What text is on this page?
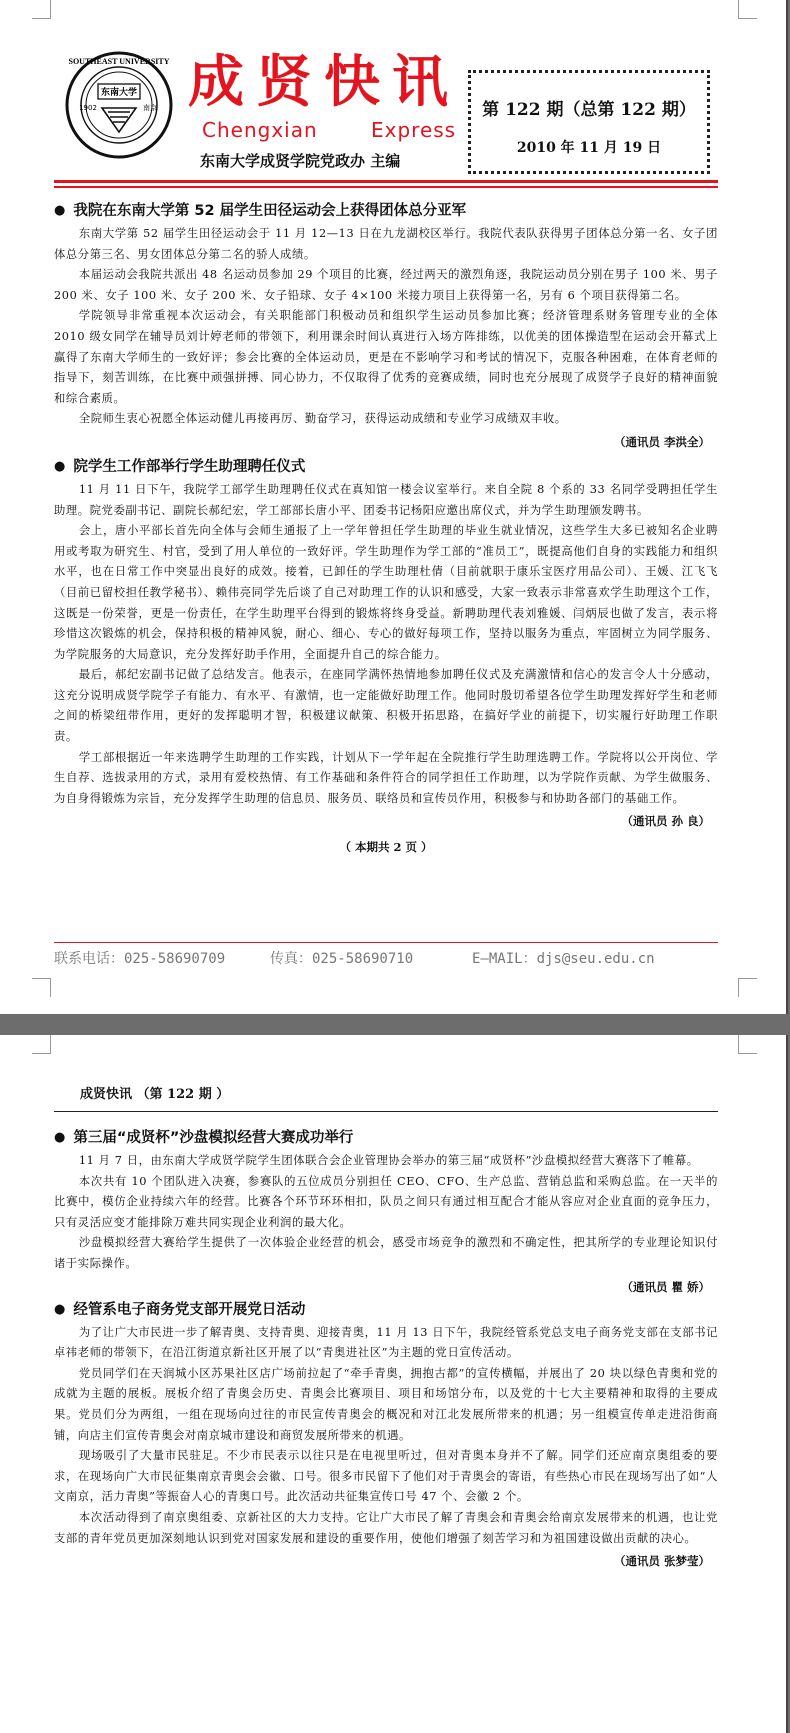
SOUTHEAST UNIVERSITY
东南大学
1902	南京 成贤快讯
Chengxian Express
东南大学成贤学院党政办 主编
第 122 期（总第 122 期）
2010 年 11 月 19 日
● 我院在东南大学第 52 届学生田径运动会上获得团体总分亚军

东南大学第 52 届学生田径运动会于 11 月 12—13 日在九龙湖校区举行。我院代表队获得男子团体总分第一名、女子团体总分第三名、男女团体总分第二名的骄人成绩。

本届运动会我院共派出 48 名运动员参加 29 个项目的比赛，经过两天的激烈角逐，我院运动员分别在男子 100 米、男子 200 米、女子 100 米、女子 200 米、女子铅球、女子 4×100 米接力项目上获得第一名，另有 6 个项目获得第二名。

学院领导非常重视本次运动会，有关职能部门积极动员和组织学生运动员参加比赛；经济管理系财务管理专业的全体 2010 级女同学在辅导员刘计婷老师的带领下，利用课余时间认真进行入场方阵排练，以优美的团体操造型在运动会开幕式上赢得了东南大学师生的一致好评；参会比赛的全体运动员，更是在不影响学习和考试的情况下，克服各种困难，在体育老师的指导下，刻苦训练，在比赛中顽强拼搏、同心协力，不仅取得了优秀的竞赛成绩，同时也充分展现了成贤学子良好的精神面貌和综合素质。

全院师生衷心祝愿全体运动健儿再接再厉、勤奋学习，获得运动成绩和专业学习成绩双丰收。

（通讯员 李洪全）
● 院学生工作部举行学生助理聘任仪式

11 月 11 日下午，我院学工部学生助理聘任仪式在真知馆一楼会议室举行。来自全院 8 个系的 33 名同学受聘担任学生助理。院党委副书记、副院长郝纪宏，学工部部长唐小平、团委书记杨阳应邀出席仪式，并为学生助理颁发聘书。

会上，唐小平部长首先向全体与会师生通报了上一学年曾担任学生助理的毕业生就业情况，这些学生大多已被知名企业聘用或考取为研究生、村官，受到了用人单位的一致好评。学生助理作为学工部的“准员工”，既提高他们自身的实践能力和组织水平，也在日常工作中突显出良好的成效。接着，已卸任的学生助理杜倩（目前就职于康乐宝医疗用品公司）、王媛、江飞飞（目前已留校担任教学秘书）、赖伟亮同学先后谈了自己对助理工作的认识和感受，大家一致表示非常喜欢学生助理这个工作，这既是一份荣誉，更是一份责任，在学生助理平台得到的锻炼将终身受益。新聘助理代表刘雅媛、闫炳辰也做了发言，表示将珍惜这次锻炼的机会，保持积极的精神风貌，耐心、细心、专心的做好每项工作，坚持以服务为重点，牢固树立为同学服务、为学院服务的大局意识，充分发挥好助手作用，全面提升自己的综合能力。

最后，郝纪宏副书记做了总结发言。他表示，在座同学满怀热情地参加聘任仪式及充满激情和信心的发言令人十分感动，这充分说明成贤学院学子有能力、有水平、有激情，也一定能做好助理工作。他同时殷切希望各位学生助理发挥好学生和老师之间的桥梁纽带作用，更好的发挥聪明才智，积极建议献策、积极开拓思路，在搞好学业的前提下，切实履行好助理工作职责。

学工部根据近一年来选聘学生助理的工作实践，计划从下一学年起在全院推行学生助理选聘工作。学院将以公开岗位、学生自荐、选拔录用的方式，录用有爱校热情、有工作基础和条件符合的同学担任工作助理，以为学院作贡献、为学生做服务、为自身得锻炼为宗旨，充分发挥学生助理的信息员、服务员、联络员和宣传员作用，积极参与和协助各部门的基础工作。

（通讯员 孙 良）
（ 本期共 2 页 ）
联系电话：025-58690709	传真：025-58690710	E—MAIL：djs@seu.edu.cn
成贤快讯 （第 122 期 ）
● 第三届“成贤杯”沙盘模拟经营大赛成功举行

11 月 7 日，由东南大学成贤学院学生团体联合会企业管理协会举办的第三届“成贤杯”沙盘模拟经营大赛落下了帷幕。

本次共有 10 个团队进入决赛，参赛队的五位成员分别担任 CEO、CFO、生产总监、营销总监和采购总监。在一天半的比赛中，模仿企业持续六年的经营。比赛各个环节环环相扣，队员之间只有通过相互配合才能从容应对企业直面的竞争压力，只有灵活应变才能排除万难共同实现企业利润的最大化。

沙盘模拟经营大赛给学生提供了一次体验企业经营的机会，感受市场竞争的激烈和不确定性，把其所学的专业理论知识付诸于实际操作。

（通讯员 瞿 娇）
● 经管系电子商务党支部开展党日活动

为了让广大市民进一步了解青奥、支持青奥、迎接青奥，11 月 13 日下午，我院经管系党总支电子商务党支部在支部书记卓祎老师的带领下，在沿江街道京新社区开展了以“青奥进社区”为主题的党日宣传活动。

党员同学们在天润城小区苏果社区店广场前拉起了“牵手青奥，拥抱古都”的宣传横幅，并展出了 20 块以绿色青奥和党的成就为主题的展板。展板介绍了青奥会历史、青奥会比赛项目、项目和场馆分布，以及党的十七大主要精神和取得的主要成果。党员们分为两组，一组在现场向过往的市民宣传青奥会的概况和对江北发展所带来的机遇；另一组模宣传单走进沿街商铺，向店主们宣传青奥会对南京城市建设和商贸发展所带来的机遇。

现场吸引了大量市民驻足。不少市民表示以往只是在电视里听过，但对青奥本身并不了解。同学们还应南京奥组委的要求，在现场向广大市民征集南京青奥会会徽、口号。很多市民留下了他们对于青奥会的寄语，有些热心市民在现场写出了如“人文南京，活力青奥”等振奋人心的青奥口号。此次活动共征集宣传口号 47 个、会徽 2 个。

本次活动得到了南京奥组委、京新社区的大力支持。它让广大市民了解了青奥会和青奥会给南京发展带来的机遇，也让党支部的青年党员更加深刻地认识到党对国家发展和建设的重要作用，使他们增强了刻苦学习和为祖国建设做出贡献的决心。

（通讯员 张梦莹）
